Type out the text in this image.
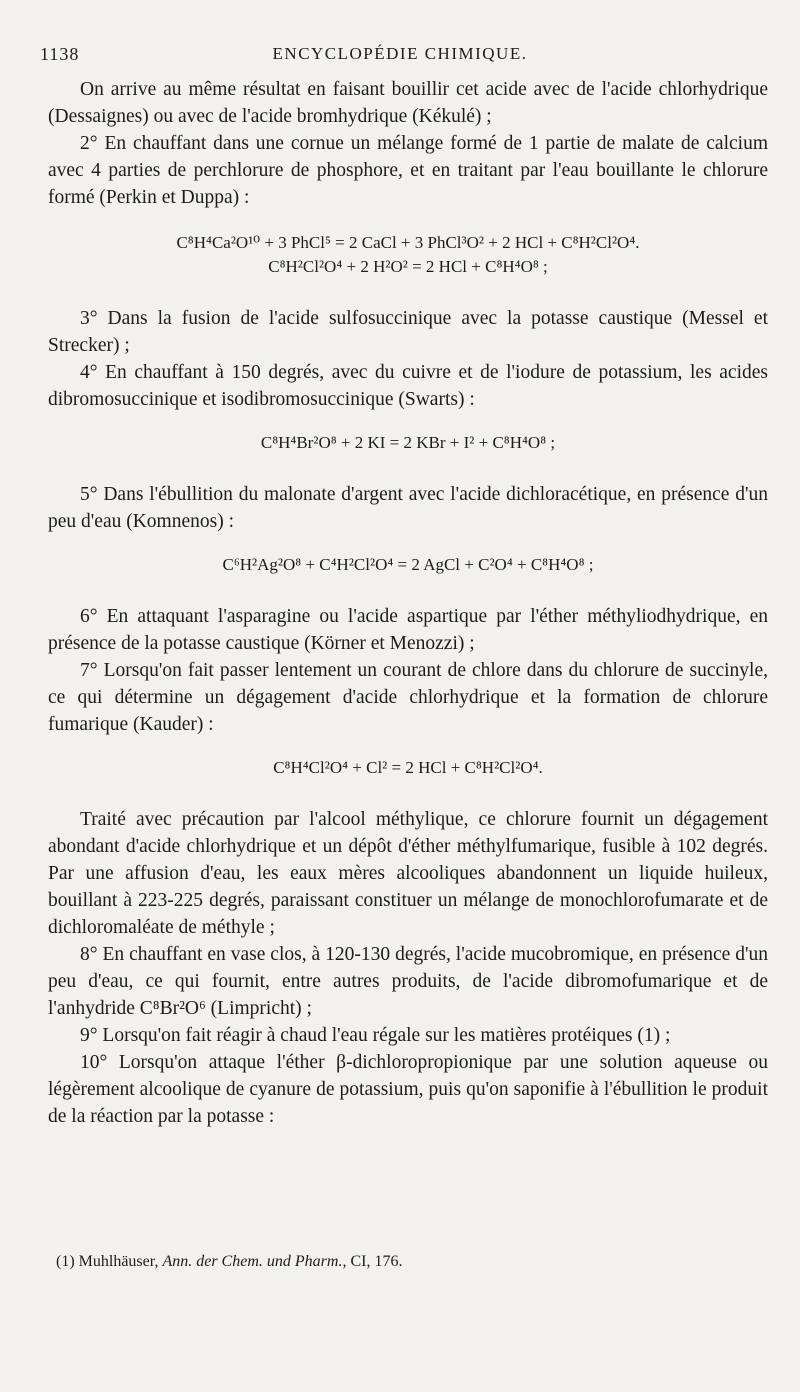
1138	ENCYCLOPÉDIE CHIMIQUE.

On arrive au même résultat en faisant bouillir cet acide avec de l'acide chlorhydrique (Dessaignes) ou avec de l'acide bromhydrique (Kékulé) ;

2° En chauffant dans une cornue un mélange formé de 1 partie de malate de calcium avec 4 parties de perchlorure de phosphore, et en traitant par l'eau bouillante le chlorure formé (Perkin et Duppa) :

C⁸H⁴Ca²O¹⁰ + 3 PhCl⁵ = 2 CaCl + 3 PhCl³O² + 2 HCl + C⁸H²Cl²O⁴.
C⁸H²Cl²O⁴ + 2 H²O² = 2 HCl + C⁸H⁴O⁸ ;

3° Dans la fusion de l'acide sulfosuccinique avec la potasse caustique (Messel et Strecker) ;

4° En chauffant à 150 degrés, avec du cuivre et de l'iodure de potassium, les acides dibromosuccinique et isodibromosuccinique (Swarts) :

C⁸H⁴Br²O⁸ + 2 KI = 2 KBr + I² + C⁸H⁴O⁸ ;

5° Dans l'ébullition du malonate d'argent avec l'acide dichloracétique, en présence d'un peu d'eau (Komnenos) :

C⁶H²Ag²O⁸ + C⁴H²Cl²O⁴ = 2 AgCl + C²O⁴ + C⁸H⁴O⁸ ;

6° En attaquant l'asparagine ou l'acide aspartique par l'éther méthyliodhydrique, en présence de la potasse caustique (Körner et Menozzi) ;

7° Lorsqu'on fait passer lentement un courant de chlore dans du chlorure de succinyle, ce qui détermine un dégagement d'acide chlorhydrique et la formation de chlorure fumarique (Kauder) :

C⁸H⁴Cl²O⁴ + Cl² = 2 HCl + C⁸H²Cl²O⁴.

Traité avec précaution par l'alcool méthylique, ce chlorure fournit un dégagement abondant d'acide chlorhydrique et un dépôt d'éther méthylfumarique, fusible à 102 degrés. Par une affusion d'eau, les eaux mères alcooliques abandonnent un liquide huileux, bouillant à 223-225 degrés, paraissant constituer un mélange de monochlorofumarate et de dichloromaléate de méthyle ;

8° En chauffant en vase clos, à 120-130 degrés, l'acide mucobromique, en présence d'un peu d'eau, ce qui fournit, entre autres produits, de l'acide dibromofumarique et de l'anhydride C⁸Br²O⁶ (Limpricht) ;

9° Lorsqu'on fait réagir à chaud l'eau régale sur les matières protéiques (1) ;

10° Lorsqu'on attaque l'éther β-dichloropropionique par une solution aqueuse ou légèrement alcoolique de cyanure de potassium, puis qu'on saponifie à l'ébullition le produit de la réaction par la potasse :

(1) Muhlhäuser, Ann. der Chem. und Pharm., CI, 176.
